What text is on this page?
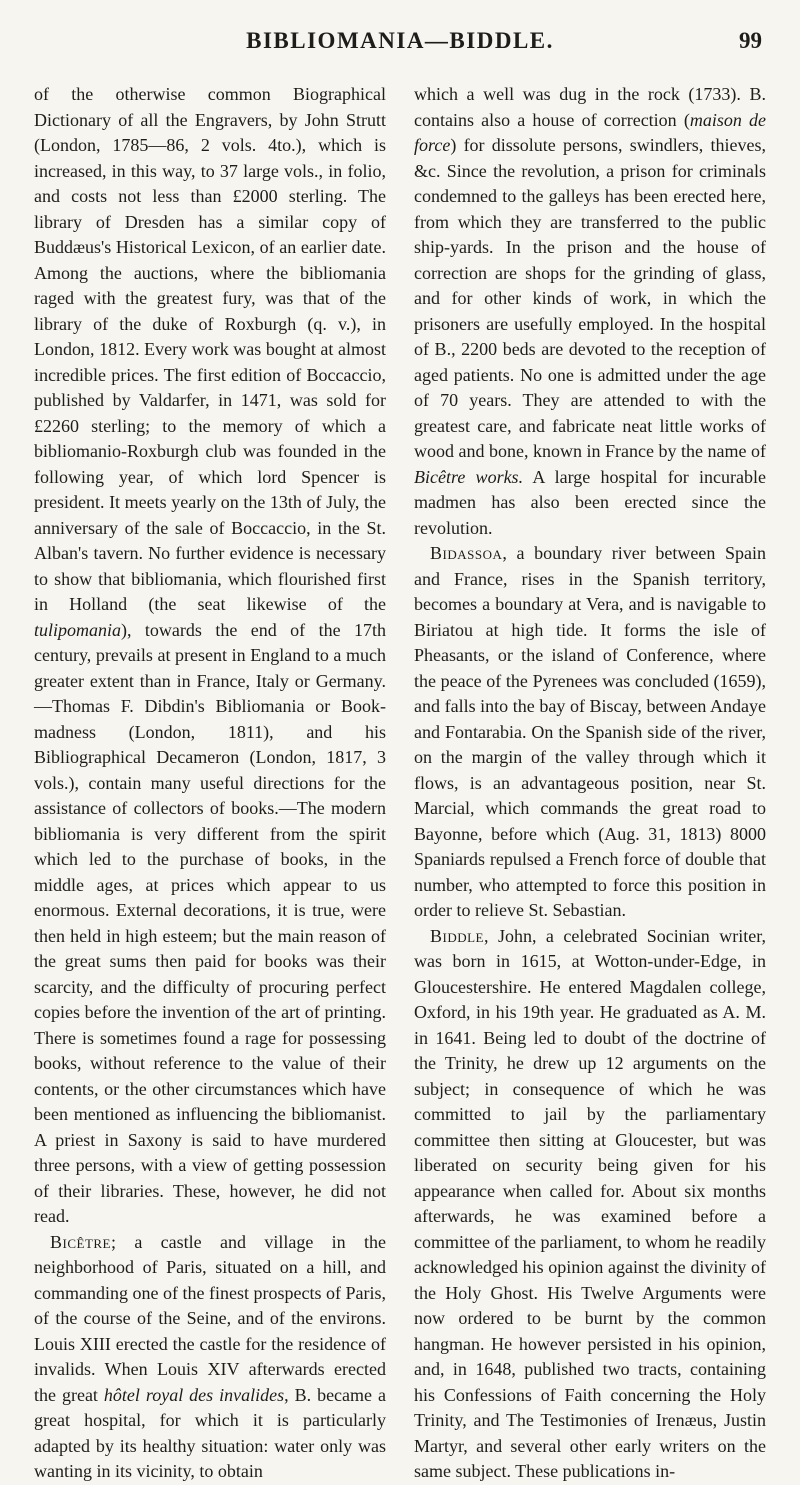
BIBLIOMANIA—BIDDLE.	99

of the otherwise common Biographical Dictionary of all the Engravers, by John Strutt (London, 1785—86, 2 vols. 4to.), which is increased, in this way, to 37 large vols., in folio, and costs not less than £2000 sterling. The library of Dresden has a similar copy of Buddæus's Historical Lexicon, of an earlier date. Among the auctions, where the bibliomania raged with the greatest fury, was that of the library of the duke of Roxburgh (q. v.), in London, 1812. Every work was bought at almost incredible prices. The first edition of Boccaccio, published by Valdarfer, in 1471, was sold for £2260 sterling; to the memory of which a bibliomanio-Roxburgh club was founded in the following year, of which lord Spencer is president. It meets yearly on the 13th of July, the anniversary of the sale of Boccaccio, in the St. Alban's tavern. No further evidence is necessary to show that bibliomania, which flourished first in Holland (the seat likewise of the tulipomania), towards the end of the 17th century, prevails at present in England to a much greater extent than in France, Italy or Germany. —Thomas F. Dibdin's Bibliomania or Book-madness (London, 1811), and his Bibliographical Decameron (London, 1817, 3 vols.), contain many useful directions for the assistance of collectors of books.—The modern bibliomania is very different from the spirit which led to the purchase of books, in the middle ages, at prices which appear to us enormous. External decorations, it is true, were then held in high esteem; but the main reason of the great sums then paid for books was their scarcity, and the difficulty of procuring perfect copies before the invention of the art of printing. There is sometimes found a rage for possessing books, without reference to the value of their contents, or the other circumstances which have been mentioned as influencing the bibliomanist. A priest in Saxony is said to have murdered three persons, with a view of getting possession of their libraries. These, however, he did not read.

Bicêtre; a castle and village in the neighborhood of Paris, situated on a hill, and commanding one of the finest prospects of Paris, of the course of the Seine, and of the environs. Louis XIII erected the castle for the residence of invalids. When Louis XIV afterwards erected the great hôtel royal des invalides, B. became a great hospital, for which it is particularly adapted by its healthy situation: water only was wanting in its vicinity, to obtain

which a well was dug in the rock (1733). B. contains also a house of correction (maison de force) for dissolute persons, swindlers, thieves, &c. Since the revolution, a prison for criminals condemned to the galleys has been erected here, from which they are transferred to the public ship-yards. In the prison and the house of correction are shops for the grinding of glass, and for other kinds of work, in which the prisoners are usefully employed. In the hospital of B., 2200 beds are devoted to the reception of aged patients. No one is admitted under the age of 70 years. They are attended to with the greatest care, and fabricate neat little works of wood and bone, known in France by the name of Bicêtre works. A large hospital for incurable madmen has also been erected since the revolution.

Bidassoa, a boundary river between Spain and France, rises in the Spanish territory, becomes a boundary at Vera, and is navigable to Biriatou at high tide. It forms the isle of Pheasants, or the island of Conference, where the peace of the Pyrenees was concluded (1659), and falls into the bay of Biscay, between Andaye and Fontarabia. On the Spanish side of the river, on the margin of the valley through which it flows, is an advantageous position, near St. Marcial, which commands the great road to Bayonne, before which (Aug. 31, 1813) 8000 Spaniards repulsed a French force of double that number, who attempted to force this position in order to relieve St. Sebastian.

Biddle, John, a celebrated Socinian writer, was born in 1615, at Wotton-under-Edge, in Gloucestershire. He entered Magdalen college, Oxford, in his 19th year. He graduated as A. M. in 1641. Being led to doubt of the doctrine of the Trinity, he drew up 12 arguments on the subject; in consequence of which he was committed to jail by the parliamentary committee then sitting at Gloucester, but was liberated on security being given for his appearance when called for. About six months afterwards, he was examined before a committee of the parliament, to whom he readily acknowledged his opinion against the divinity of the Holy Ghost. His Twelve Arguments were now ordered to be burnt by the common hangman. He however persisted in his opinion, and, in 1648, published two tracts, containing his Confessions of Faith concerning the Holy Trinity, and The Testimonies of Irenæus, Justin Martyr, and several other early writers on the same subject. These publications in-
